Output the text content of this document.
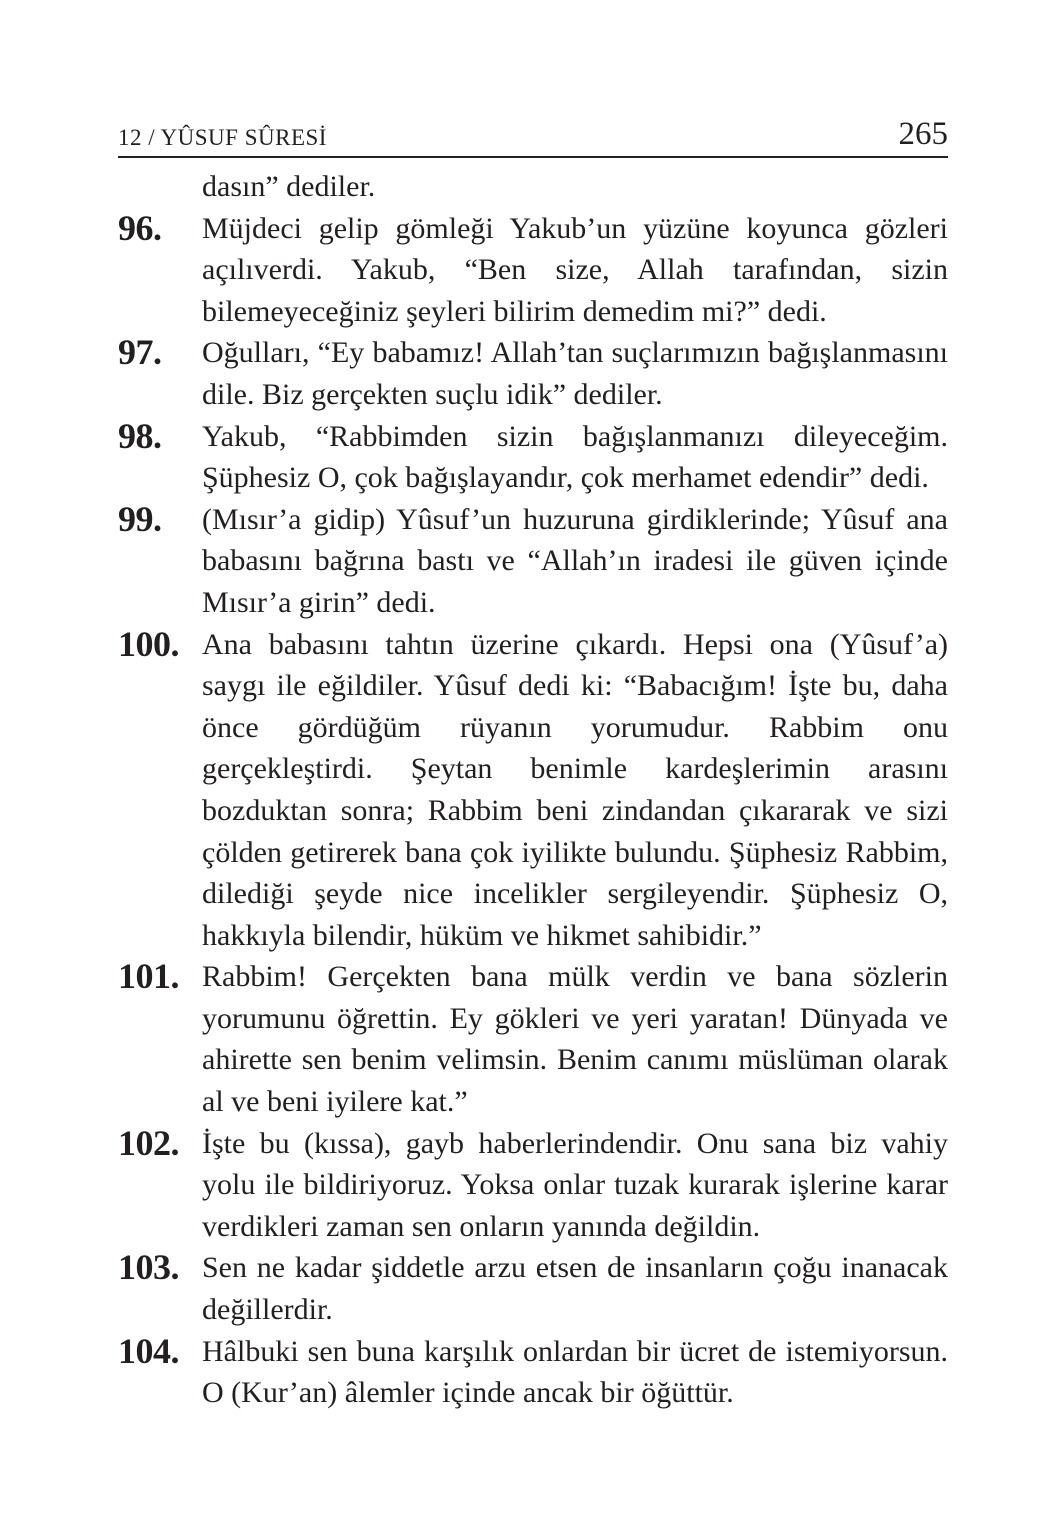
12 / YÛSUF SÛRESİ	265
dasın” dediler.
96.	Müjdeci gelip gömleği Yakub’un yüzüne koyunca gözleri açılıverdi. Yakub, “Ben size, Allah tarafından, sizin bilemeyeceğiniz şeyleri bilirim demedim mi?” dedi.
97.	Oğulları, “Ey babamız! Allah’tan suçlarımızın bağışlanmasını dile. Biz gerçekten suçlu idik” dediler.
98.	Yakub, “Rabbimden sizin bağışlanmanızı dileyeceğim. Şüphesiz O, çok bağışlayandır, çok merhamet edendir” dedi.
99.	(Mısır’a gidip) Yûsuf’un huzuruna girdiklerinde; Yûsuf ana babasını bağrına bastı ve “Allah’ın iradesi ile güven içinde Mısır’a girin” dedi.
100. Ana babasını tahtın üzerine çıkardı. Hepsi ona (Yûsuf’a) saygı ile eğildiler. Yûsuf dedi ki: “Babacığım! İşte bu, daha önce gördüğüm rüyanın yorumudur. Rabbim onu gerçekleştirdi. Şeytan benimle kardeşlerimin arasını bozduktan sonra; Rabbim beni zindandan çıkararak ve sizi çölden getirerek bana çok iyilikte bulundu. Şüphesiz Rabbim, dilediği şeyde nice incelikler sergileyendir. Şüphesiz O, hakkıyla bilendir, hüküm ve hikmet sahibidir.”
101. Rabbim! Gerçekten bana mülk verdin ve bana sözlerin yorumunu öğrettin. Ey gökleri ve yeri yaratan! Dünyada ve ahirette sen benim velimsin. Benim canımı müslüman olarak al ve beni iyilere kat.”
102. İşte bu (kıssa), gayb haberlerindendir. Onu sana biz vahiy yolu ile bildiriyoruz. Yoksa onlar tuzak kurarak işlerine karar verdikleri zaman sen onların yanında değildin.
103. Sen ne kadar şiddetle arzu etsen de insanların çoğu inanacak değillerdir.
104. Hâlbuki sen buna karşılık onlardan bir ücret de istemiyorsun. O (Kur’an) âlemler içinde ancak bir öğüttür.
